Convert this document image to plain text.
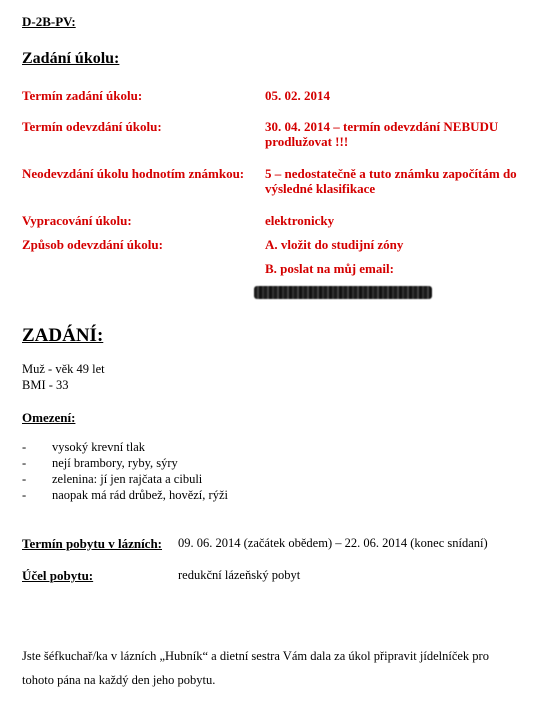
D-2B-PV:
Zadání úkolu:
Termín zadání úkolu:	05. 02. 2014
Termín odevzdání úkolu:	30. 04. 2014 – termín odevzdání NEBUDU prodlužovat !!!
Neodevzdání úkolu hodnotím známkou: 5 – nedostatečně a tuto známku započítám do výsledné klasifikace
Vypracování úkolu:	elektronicky
Způsob odevzdání úkolu:	A. vložit do studijní zóny
B. poslat na můj email:
ZADÁNÍ:
Muž - věk 49 let
BMI - 33
Omezení:
- vysoký krevní tlak
- nejí brambory, ryby, sýry
- zelenina: jí jen rajčata a cibuli
- naopak má rád drůbež, hovězí, rýži
Termín pobytu v lázních: 09. 06. 2014 (začátek obědem) – 22. 06. 2014 (konec snídaní)
Účel pobytu:	redukční lázeňský pobyt
Jste šéfkuchař/ka v lázních „Hubník“ a dietní sestra Vám dala za úkol připravit jídelníček pro
tohoto pána na každý den jeho pobytu.
